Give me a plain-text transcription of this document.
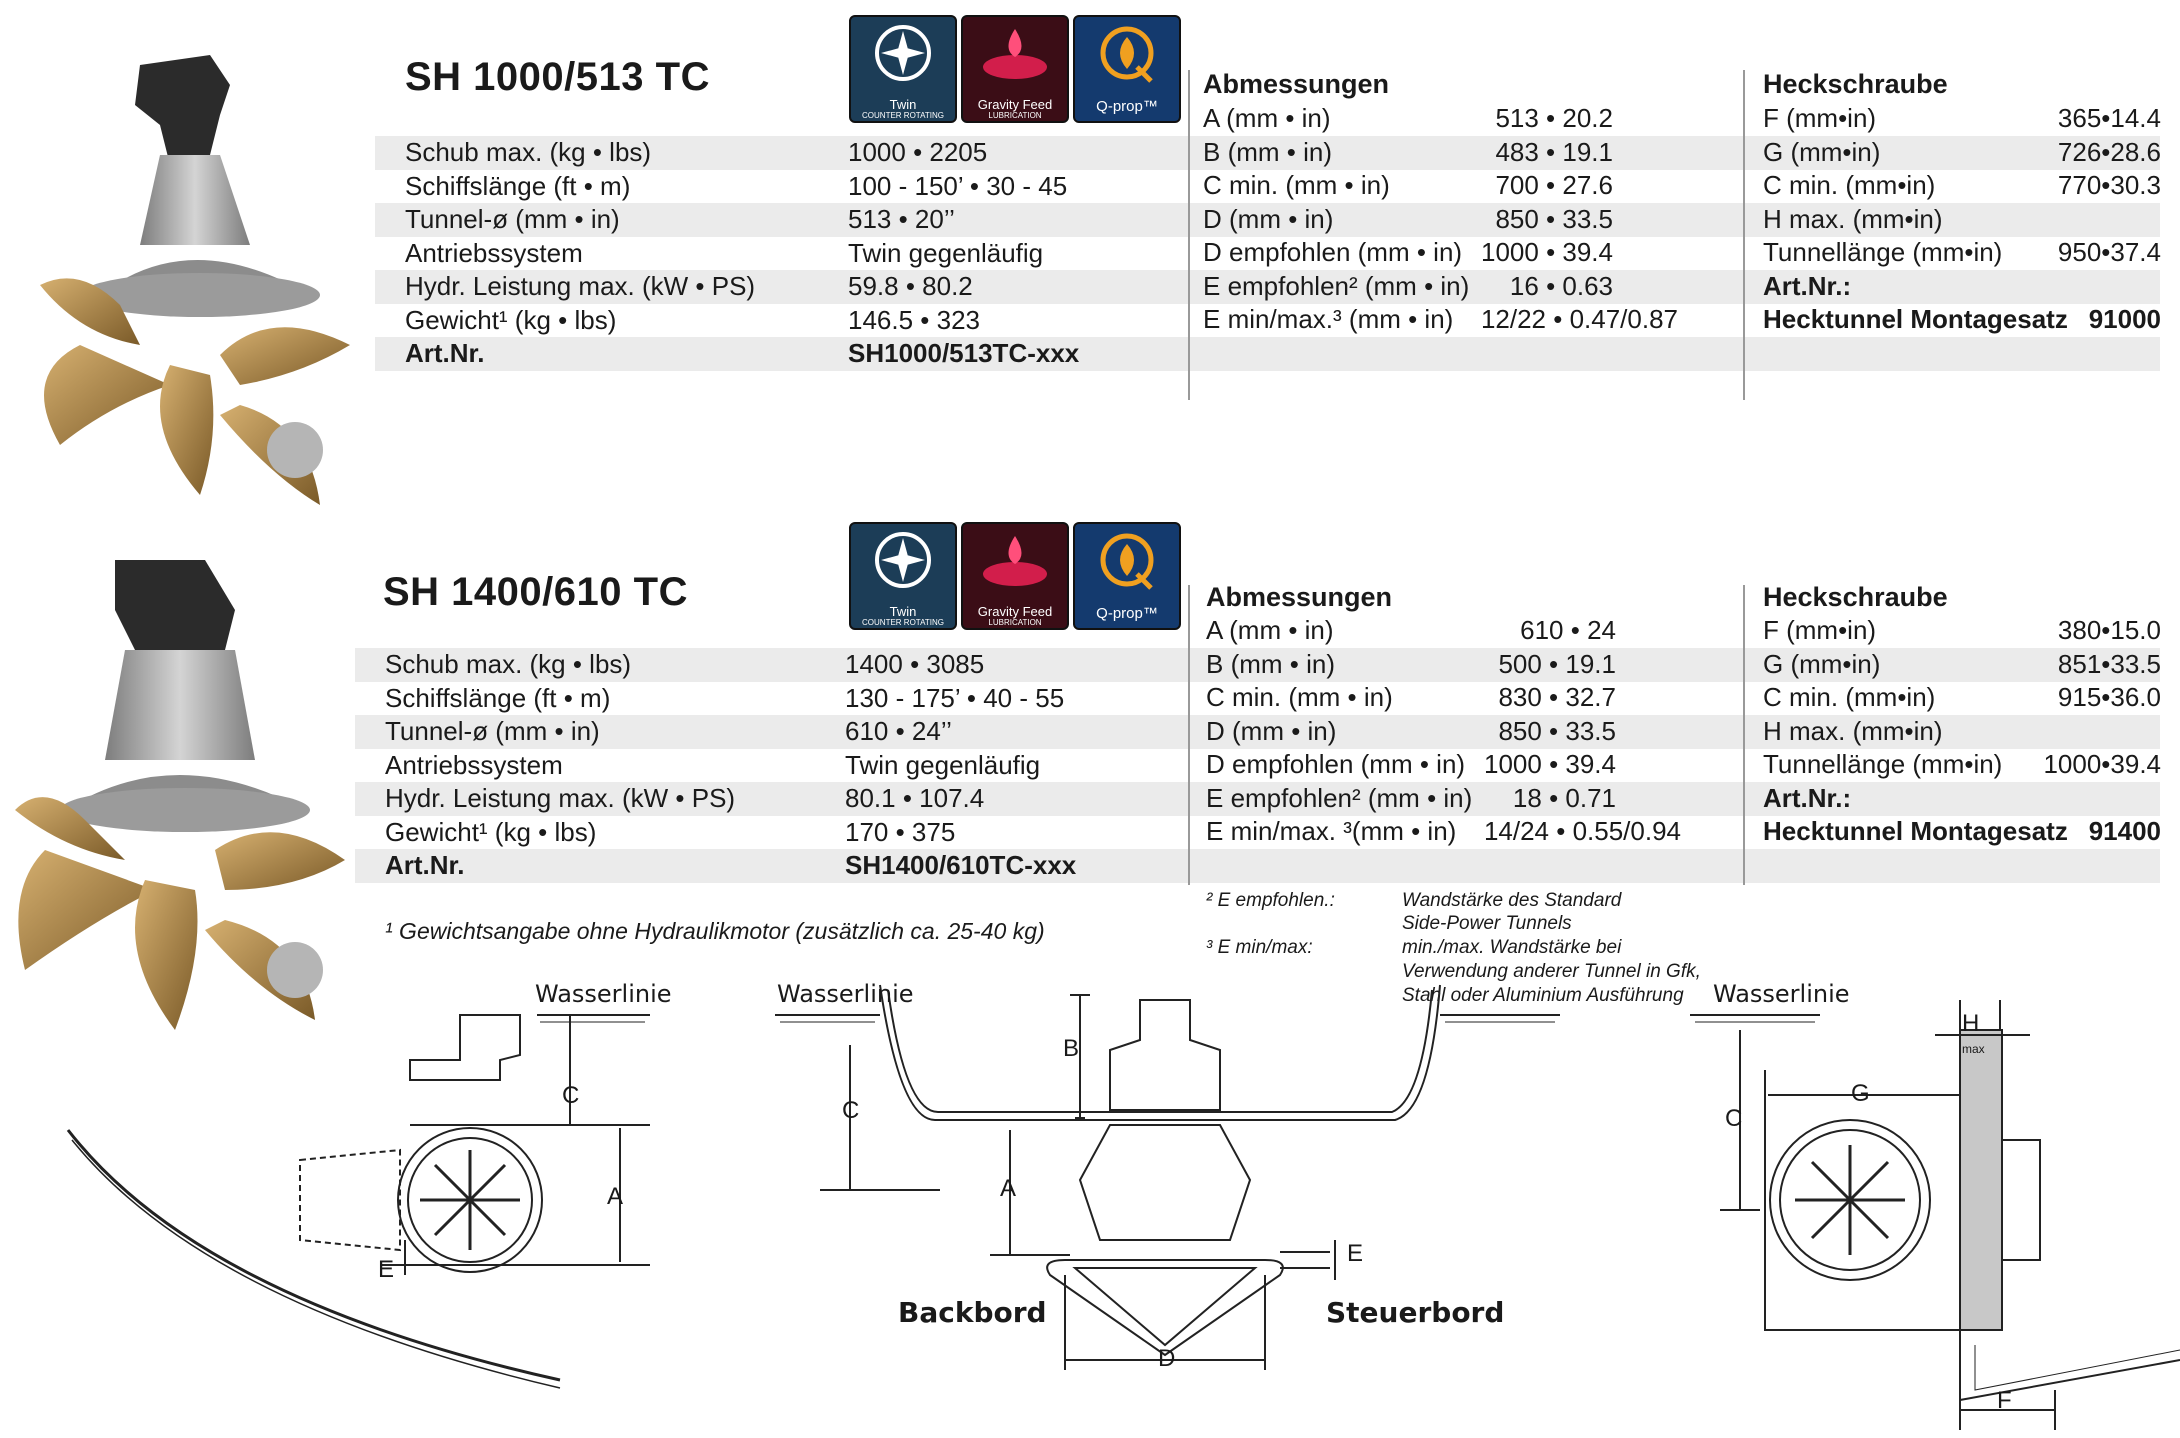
Twin
COUNTER ROTATING
Gravity Feed
LUBRICATION
Q-prop™
Twin
COUNTER ROTATING
Gravity Feed
LUBRICATION
Q-prop™
SH 1000/513 TC
Schub max. (kg • lbs)	1000 • 2205
Schiffslänge (ft • m)	100 - 150’ • 30 - 45
Tunnel-ø (mm • in)	513 • 20’’
Antriebssystem	Twin gegenläufig
Hydr. Leistung max. (kW • PS)	59.8 • 80.2
Gewicht¹ (kg • lbs)	146.5 • 323
Art.Nr.	SH1000/513TC-xxx
Abmessungen
A (mm • in)	513 • 20.2
B (mm • in)	483 • 19.1
C min. (mm • in)	700 • 27.6
D (mm • in)	850 • 33.5
D empfohlen (mm • in) 1000 • 39.4
E empfohlen² (mm • in) 16 • 0.63
E min/max.³ (mm • in) 12/22 • 0.47/0.87
Heckschraube
F (mm•in)	365•14.4
G (mm•in)	726•28.6
C min. (mm•in)	770•30.3
H max. (mm•in)
Tunnellänge (mm•in) 950•37.4
Art.Nr.:
Hecktunnel Montagesatz 91000
SH 1400/610 TC
Schub max. (kg • lbs)	1400 • 3085
Schiffslänge (ft • m)	130 - 175’ • 40 - 55
Tunnel-ø (mm • in)	610 • 24’’
Antriebssystem	Twin gegenläufig
Hydr. Leistung max. (kW • PS)	80.1 • 107.4
Gewicht¹ (kg • lbs)	170 • 375
Art.Nr.	SH1400/610TC-xxx
Abmessungen
A (mm • in)	610 • 24
B (mm • in)	500 • 19.1
C min. (mm • in)	830 • 32.7
D (mm • in)	850 • 33.5
D empfohlen (mm • in) 1000 • 39.4
E empfohlen² (mm • in) 18 • 0.71
E min/max. ³(mm • in) 14/24 • 0.55/0.94
Heckschraube
F (mm•in)	380•15.0
G (mm•in)	851•33.5
C min. (mm•in)	915•36.0
H max. (mm•in)
Tunnellänge (mm•in) 1000•39.4
Art.Nr.:
Hecktunnel Montagesatz 91400
¹ Gewichtsangabe ohne Hydraulikmotor (zusätzlich ca. 25-40 kg)
² E empfohlen.:	Wandstärke des Standard
Side-Power Tunnels
³ E min/max:	min./max. Wandstärke bei
Verwendung anderer Tunnel in Gfk,
Stahl oder Aluminium Ausführung
Wasserlinie	Wasserlinie	Wasserlinie
C
A
E
B
C
A
D
E
C
G
H
max
F
Backbord	Steuerbord
